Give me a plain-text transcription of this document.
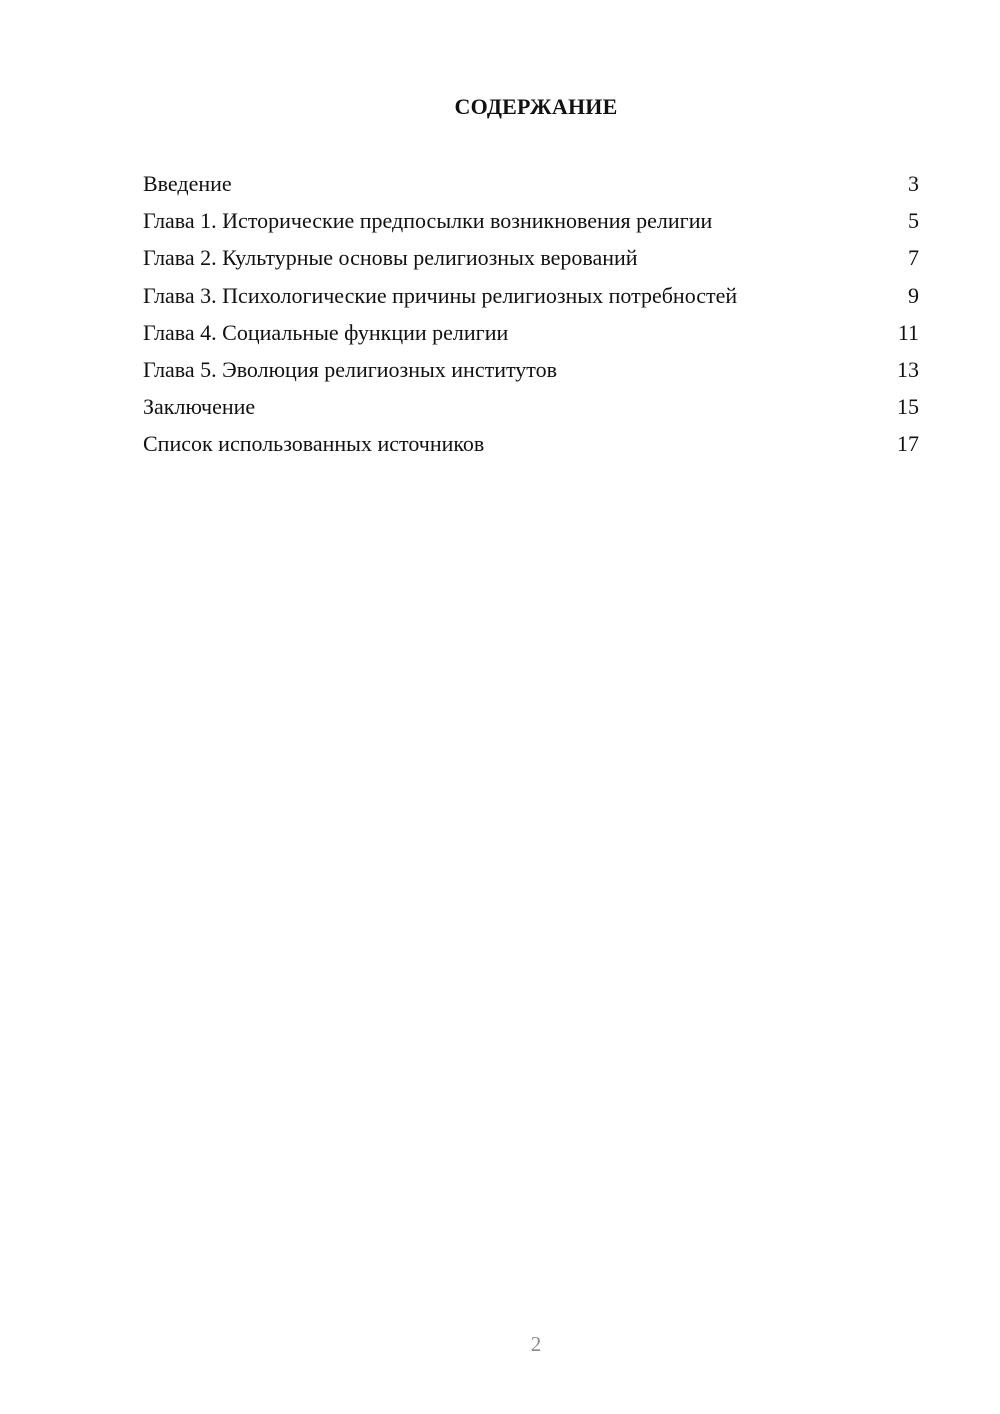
СОДЕРЖАНИЕ
Введение	3
Глава 1. Исторические предпосылки возникновения религии	5
Глава 2. Культурные основы религиозных верований	7
Глава 3. Психологические причины религиозных потребностей	9
Глава 4. Социальные функции религии	11
Глава 5. Эволюция религиозных институтов	13
Заключение	15
Список использованных источников	17
2
